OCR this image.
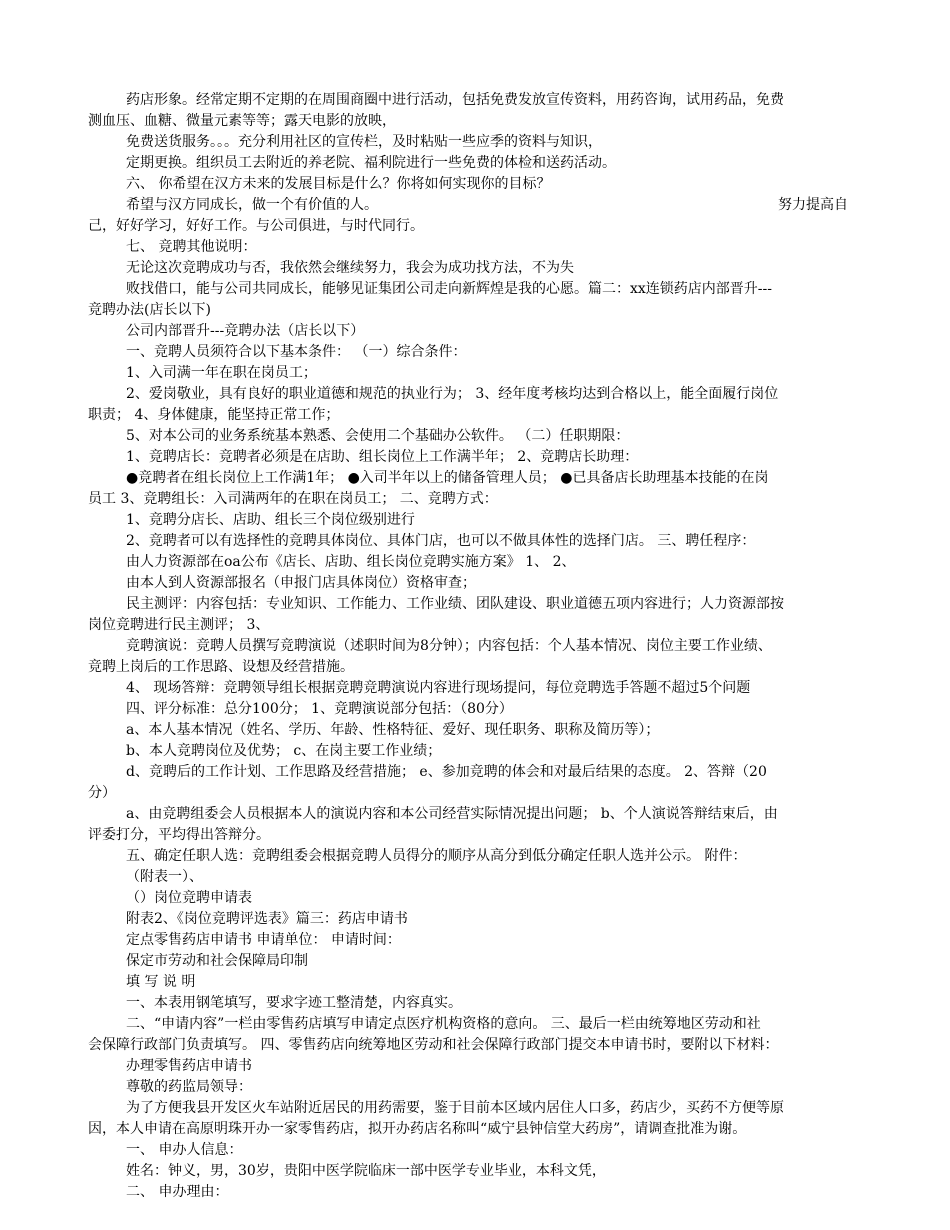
药店形象。经常定期不定期的在周围商圈中进行活动，包括免费发放宣传资料，用药咨询，试用药品，免费
测血压、血糖、微量元素等等；露天电影的放映，
免费送货服务。。。充分利用社区的宣传栏，及时粘贴一些应季的资料与知识，
定期更换。组织员工去附近的养老院、福利院进行一些免费的体检和送药活动。
六、 你希望在汉方未来的发展目标是什么？你将如何实现你的目标？
希望与汉方同成长，做一个有价值的人。	努力提高自
己，好好学习，好好工作。与公司俱进，与时代同行。
七、 竞聘其他说明：
无论这次竞聘成功与否，我依然会继续努力，我会为成功找方法，不为失
败找借口，能与公司共同成长，能够见证集团公司走向新辉煌是我的心愿。篇二：xx连锁药店内部晋升---
竞聘办法(店长以下)
公司内部晋升---竞聘办法（店长以下）
一、竞聘人员须符合以下基本条件： （一）综合条件：
1、入司满一年在职在岗员工；
2、爱岗敬业，具有良好的职业道德和规范的执业行为； 3、经年度考核均达到合格以上，能全面履行岗位
职责； 4、身体健康，能坚持正常工作；
5、对本公司的业务系统基本熟悉、会使用二个基础办公软件。 （二）任职期限：
1、竞聘店长：竞聘者必须是在店助、组长岗位上工作满半年； 2、竞聘店长助理：
●竞聘者在组长岗位上工作满1年； ●入司半年以上的储备管理人员； ●已具备店长助理基本技能的在岗
员工 3、竞聘组长：入司满两年的在职在岗员工； 二、竞聘方式：
1、竞聘分店长、店助、组长三个岗位级别进行
2、竞聘者可以有选择性的竞聘具体岗位、具体门店，也可以不做具体性的选择门店。 三、聘任程序：
由人力资源部在oa公布《店长、店助、组长岗位竞聘实施方案》 1、 2、
由本人到人资源部报名（申报门店具体岗位）资格审查；
民主测评：内容包括：专业知识、工作能力、工作业绩、团队建设、职业道德五项内容进行；人力资源部按
岗位竞聘进行民主测评； 3、
竞聘演说：竞聘人员撰写竞聘演说（述职时间为8分钟）；内容包括：个人基本情况、岗位主要工作业绩、
竞聘上岗后的工作思路、设想及经营措施。
4、 现场答辩：竞聘领导组长根据竞聘竞聘演说内容进行现场提问，每位竞聘选手答题不超过5个问题
四、评分标准：总分100分； 1、竞聘演说部分包括：（80分）
a、本人基本情况（姓名、学历、年龄、性格特征、爱好、现任职务、职称及简历等）；
b、本人竞聘岗位及优势； c、在岗主要工作业绩；
d、竞聘后的工作计划、工作思路及经营措施； e、参加竞聘的体会和对最后结果的态度。 2、答辩（20
分）
a、由竞聘组委会人员根据本人的演说内容和本公司经营实际情况提出问题； b、个人演说答辩结束后，由
评委打分，平均得出答辩分。
五、确定任职人选：竞聘组委会根据竞聘人员得分的顺序从高分到低分确定任职人选并公示。 附件：
（附表一）、
（）岗位竞聘申请表
附表2、《岗位竞聘评选表》篇三：药店申请书
定点零售药店申请书 申请单位： 申请时间：
保定市劳动和社会保障局印制
填 写 说 明
一、本表用钢笔填写，要求字迹工整清楚，内容真实。
二、“申请内容”一栏由零售药店填写申请定点医疗机构资格的意向。 三、最后一栏由统筹地区劳动和社
会保障行政部门负责填写。 四、零售药店向统筹地区劳动和社会保障行政部门提交本申请书时，要附以下材料：
办理零售药店申请书
尊敬的药监局领导：
为了方便我县开发区火车站附近居民的用药需要，鉴于目前本区域内居住人口多，药店少，买药不方便等原
因，本人申请在高原明珠开办一家零售药店，拟开办药店名称叫“威宁县钟信堂大药房”，请调查批准为谢。
一、 申办人信息：
姓名：钟义，男，30岁，贵阳中医学院临床一部中医学专业毕业，本科文凭，
二、 申办理由：
